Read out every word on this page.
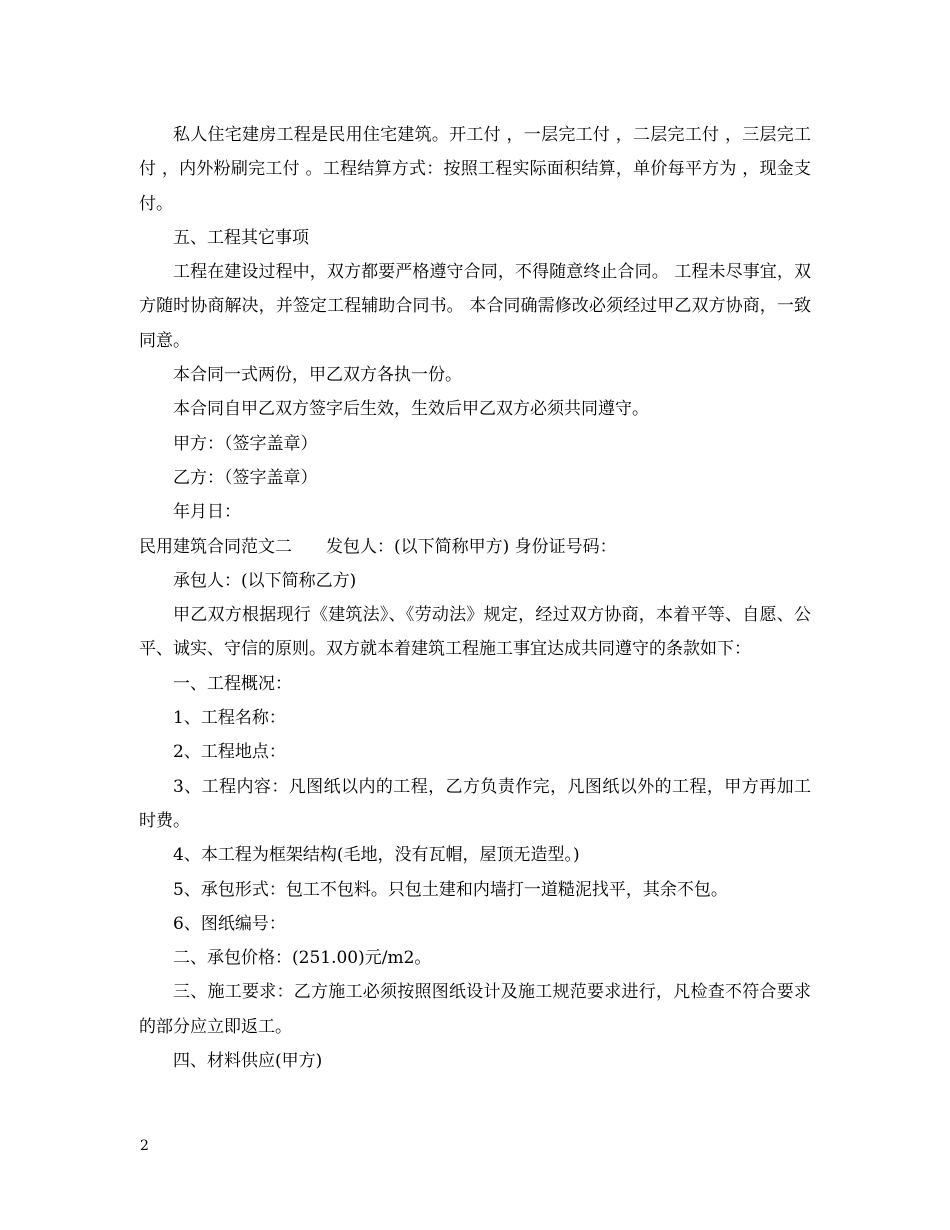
私人住宅建房工程是民用住宅建筑。开工付 ，一层完工付 ，二层完工付 ，三层完工付 ，内外粉刷完工付 。工程结算方式：按照工程实际面积结算，单价每平方为 ，现金支付。

五、工程其它事项

工程在建设过程中，双方都要严格遵守合同，不得随意终止合同。 工程未尽事宜，双方随时协商解决，并签定工程辅助合同书。 本合同确需修改必须经过甲乙双方协商，一致同意。

本合同一式两份，甲乙双方各执一份。

本合同自甲乙双方签字后生效，生效后甲乙双方必须共同遵守。

甲方：（签字盖章）

乙方：（签字盖章）

年月日：

民用建筑合同范文二　　发包人：(以下简称甲方) 身份证号码：

承包人：(以下简称乙方)

甲乙双方根据现行《建筑法》、《劳动法》规定，经过双方协商，本着平等、自愿、公平、诚实、守信的原则。双方就本着建筑工程施工事宜达成共同遵守的条款如下：

一、工程概况：

1、工程名称：

2、工程地点：

3、工程内容：凡图纸以内的工程，乙方负责作完，凡图纸以外的工程，甲方再加工时费。

4、本工程为框架结构(毛地，没有瓦帽，屋顶无造型。)

5、承包形式：包工不包料。只包土建和内墙打一道糙泥找平，其余不包。

6、图纸编号：

二、承包价格：(251.00)元/m2。

三、施工要求：乙方施工必须按照图纸设计及施工规范要求进行，凡检查不符合要求的部分应立即返工。

四、材料供应(甲方)

2
